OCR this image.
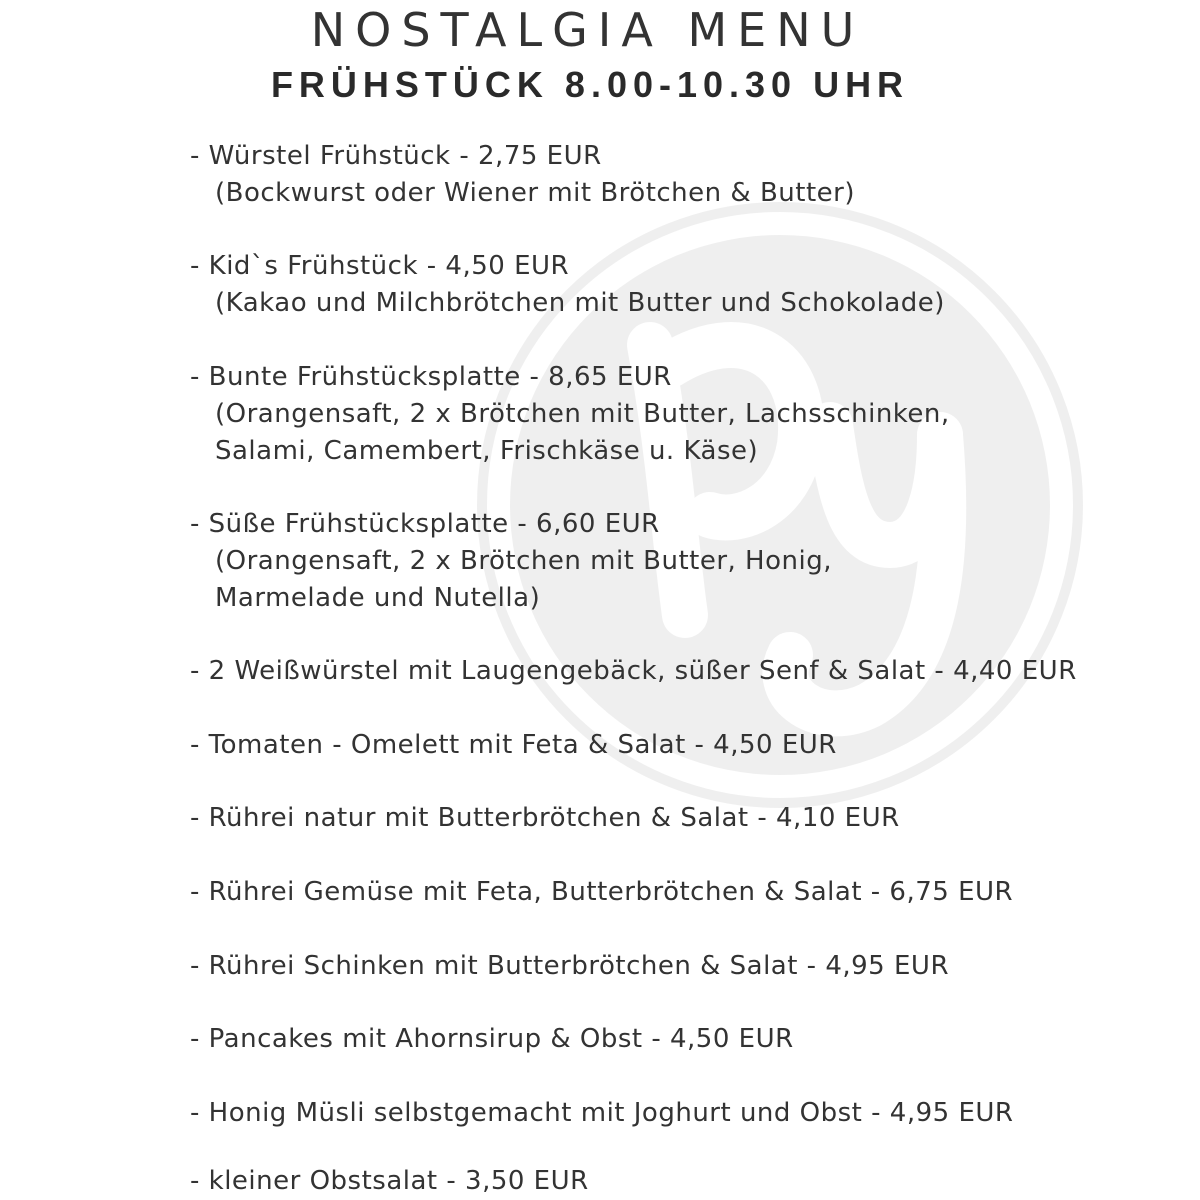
NOSTALGIA MENU
FRÜHSTÜCK 8.00-10.30 UHR
- Würstel Frühstück - 2,75 EUR
(Bockwurst oder Wiener mit Brötchen & Butter)
- Kid`s Frühstück - 4,50 EUR
(Kakao und Milchbrötchen mit Butter und Schokolade)
- Bunte Frühstücksplatte - 8,65 EUR
(Orangensaft, 2 x Brötchen mit Butter, Lachsschinken,
Salami, Camembert, Frischkäse u. Käse)
- Süße Frühstücksplatte - 6,60 EUR
(Orangensaft, 2 x Brötchen mit Butter, Honig,
Marmelade und Nutella)
- 2 Weißwürstel mit Laugengebäck, süßer Senf & Salat - 4,40 EUR
- Tomaten - Omelett mit Feta & Salat - 4,50 EUR
- Rührei natur mit Butterbrötchen & Salat - 4,10 EUR
- Rührei Gemüse mit Feta, Butterbrötchen & Salat - 6,75 EUR
- Rührei Schinken mit Butterbrötchen & Salat - 4,95 EUR
- Pancakes mit Ahornsirup & Obst - 4,50 EUR
- Honig Müsli selbstgemacht mit Joghurt und Obst - 4,95 EUR
- kleiner Obstsalat - 3,50 EUR
